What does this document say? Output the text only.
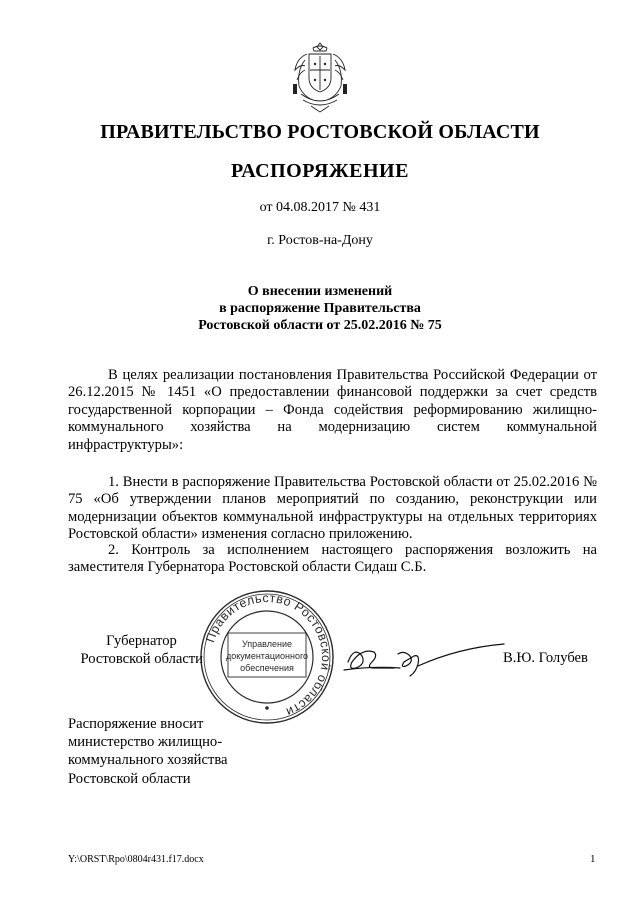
ПРАВИТЕЛЬСТВО РОСТОВСКОЙ ОБЛАСТИ
РАСПОРЯЖЕНИЕ
от 04.08.2017 № 431
г. Ростов-на-Дону
О внесении изменений
в распоряжение Правительства
Ростовской области от 25.02.2016 № 75
В целях реализации постановления Правительства Российской Федерации от 26.12.2015 № 1451 «О предоставлении финансовой поддержки за счет средств государственной корпорации – Фонда содействия реформированию жилищно-коммунального хозяйства на модернизацию систем коммунальной инфраструктуры»:
1. Внести в распоряжение Правительства Ростовской области от 25.02.2016 № 75 «Об утверждении планов мероприятий по созданию, реконструкции или модернизации объектов коммунальной инфраструктуры на отдельных территориях Ростовской области» изменения согласно приложению.
2. Контроль за исполнением настоящего распоряжения возложить на заместителя Губернатора Ростовской области Сидаш С.Б.
Правительство Ростовской области
Управление
документационного
обеспечения
Губернатор
Ростовской области	В.Ю. Голубев
Распоряжение вносит
министерство жилищно-
коммунального хозяйства
Ростовской области
Y:\ORST\Rpo\0804r431.f17.docx	1
